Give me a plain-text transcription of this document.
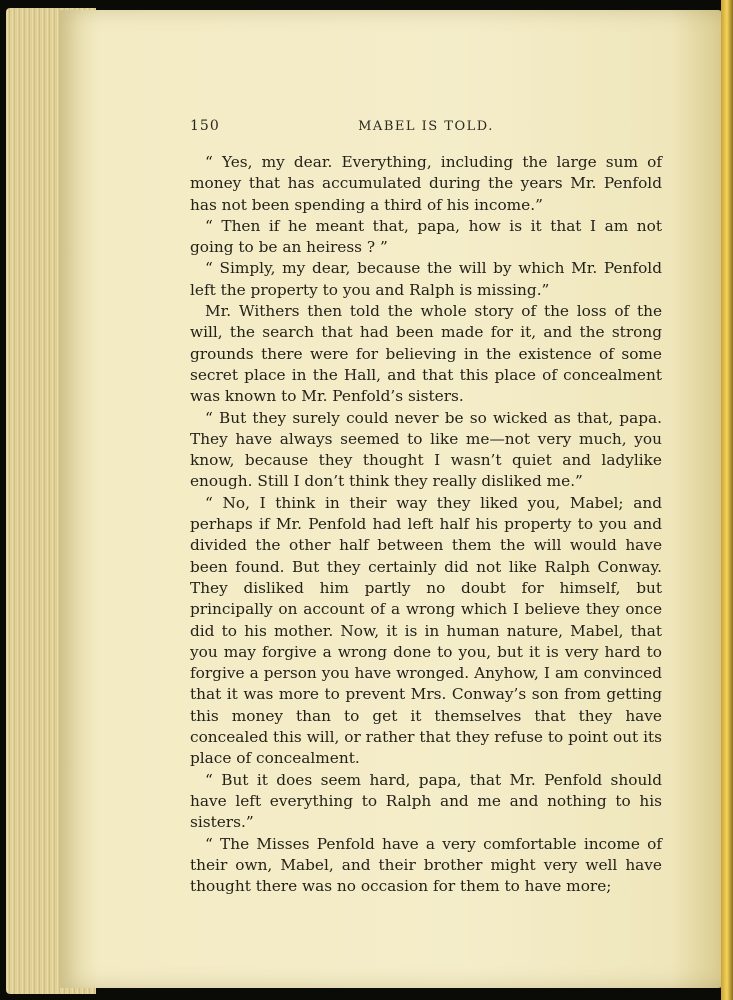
150	MABEL IS TOLD.

“ Yes, my dear. Everything, including the large sum of money that has accumulated during the years Mr. Penfold has not been spending a third of his income.”

“ Then if he meant that, papa, how is it that I am not going to be an heiress ? ”

“ Simply, my dear, because the will by which Mr. Penfold left the property to you and Ralph is missing.”

Mr. Withers then told the whole story of the loss of the will, the search that had been made for it, and the strong grounds there were for believing in the existence of some secret place in the Hall, and that this place of concealment was known to Mr. Penfold’s sisters.

“ But they surely could never be so wicked as that, papa. They have always seemed to like me—not very much, you know, because they thought I wasn’t quiet and ladylike enough. Still I don’t think they really disliked me.”

“ No, I think in their way they liked you, Mabel; and perhaps if Mr. Penfold had left half his property to you and divided the other half between them the will would have been found. But they certainly did not like Ralph Conway. They disliked him partly no doubt for himself, but principally on account of a wrong which I believe they once did to his mother. Now, it is in human nature, Mabel, that you may forgive a wrong done to you, but it is very hard to forgive a person you have wronged. Anyhow, I am convinced that it was more to prevent Mrs. Conway’s son from getting this money than to get it themselves that they have concealed this will, or rather that they refuse to point out its place of concealment.

“ But it does seem hard, papa, that Mr. Penfold should have left everything to Ralph and me and nothing to his sisters.”

“ The Misses Penfold have a very comfortable income of their own, Mabel, and their brother might very well have thought there was no occasion for them to have more;
